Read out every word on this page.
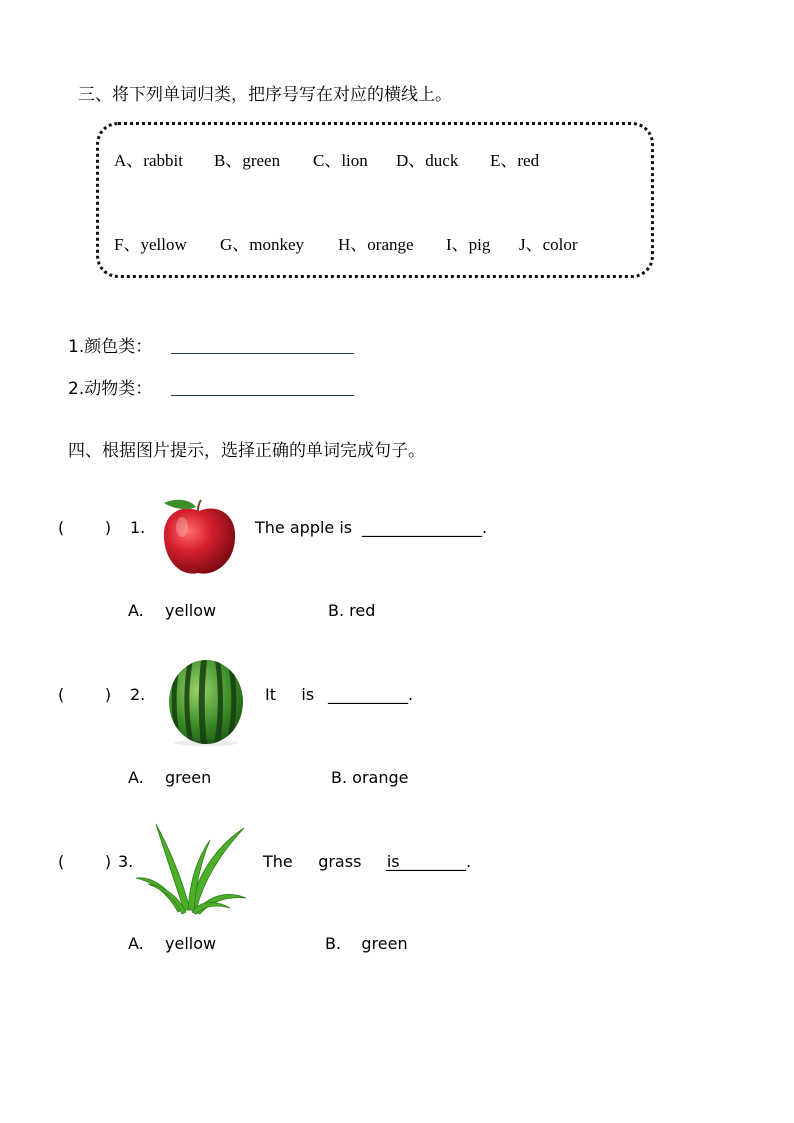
三、将下列单词归类，把序号写在对应的横线上。
A、rabbit B、green C、lion D、duck E、red
F、yellow G、monkey H、orange I、pig J、color
1.颜色类：
2.动物类：
四、根据图片提示，选择正确的单词完成句子。
(        ) 1.	The apple is _______________.
A. yellow	B. red
(        ) 2.	It     is __________.
A. green	B. orange
(        ) 3.	The     grass     is
__________.
A. yellow	B.    green
